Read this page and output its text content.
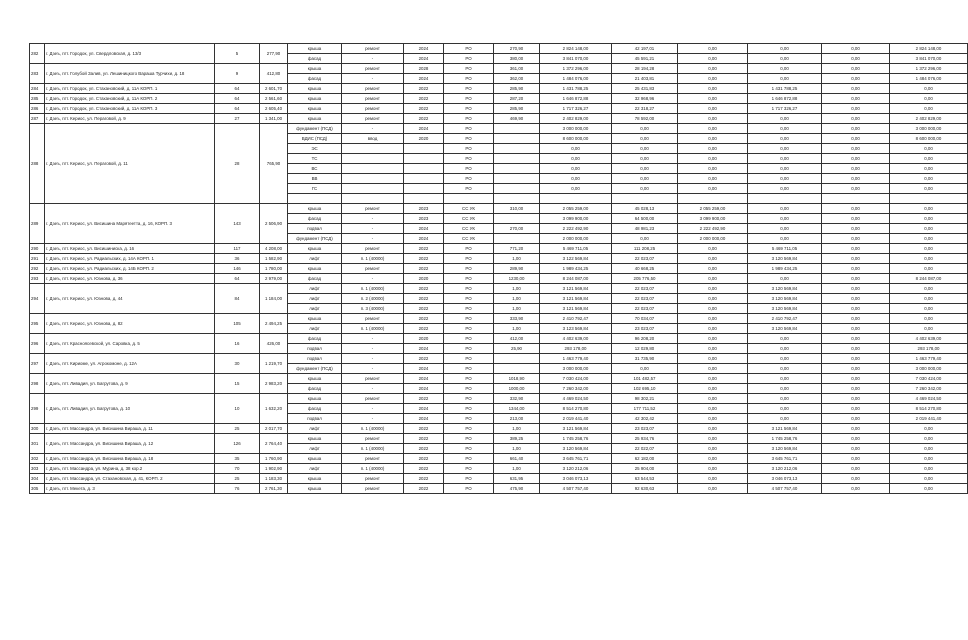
282	г. Дзеъ, пгт. Городок, ул. Свердловская, д. 13/3	5	277,90	крыша	ремонт	2024	РО	270,90	2 824 148,00	42 197,01	0,00	0,00	0,00	2 824 148,00
				фасад	-	2024	РО	380,00	3 841 070,00	45 591,21	0,00	0,00	0,00	3 841 070,00
283	г. Дзеъ, пгт. Голубой Залив, ул. Лешиницкого Вараша Турчихи, д. 18	9	412,80	крыша	ремонт	2028	РО	361,00	1 372 296,00	28 194,28	0,00	0,00	0,00	1 372 296,00
				фасад	-	2024	РО	362,00	1 484 076,00	21 403,81	0,00	0,00	0,00	1 484 076,00
284	г. Дзеъ, пгт. Городок, ул. Стахановский, д. 11А КОРП. 1	64	2 601,70	крыша	ремонт	2022	РО	285,90	1 431 788,25	25 431,83	0,00	1 431 788,25	0,00	0,00
285	г. Дзеъ, пгт. Городок, ул. Стахановский, д. 11А КОРП. 2	64	2 561,60	крыша	ремонт	2022	РО	287,20	1 646 872,88	32 968,96	0,00	1 646 872,88	0,00	0,00
286	г. Дзеъ, пгт. Городок, ул. Стахановский, д. 11А КОРП. 3	64	2 605,40	крыша	ремонт	2022	РО	285,90	1 717 326,27	22 318,27	0,00	1 717 326,27	0,00	0,00
287	г. Дзеъ, пгт. Кериос, ул. Пераговой, д. 9	27	1 341,00	крыша	ремонт	2022	РО	469,90	2 402 829,00	78 592,00	0,00	0,00	0,00	2 402 829,00
288	г. Дзеъ, пгт. Кериос, ул. Пераговой, д. 11	28	765,90	фундамент (ПСД)	-	2024	РО		3 000 000,00	0,00	0,00	0,00	0,00	3 000 000,00
				ВДИС (ПСД)	ввод	2020	РО		8 600 000,00	0,00	0,00	0,00	0,00	8 600 000,00
				ЭС			РО		0,00	0,00	0,00	0,00	0,00	0,00
				ТС			РО		0,00	0,00	0,00	0,00	0,00	0,00
				ВС			РО		0,00	0,00	0,00	0,00	0,00	0,00
				ВВ			РО		0,00	0,00	0,00	0,00	0,00	0,00
				ГС			РО		0,00	0,00	0,00	0,00	0,00	0,00

289	г. Дзеъ, пгт. Кериос, ул. Висишина Марятеетта, д. 16, КОРП. 3	143	2 506,90	крыша	ремонт	2023	СС УК	310,00	2 055 259,00	45 028,13	2 055 259,00	0,00	0,00	0,00
				фасад	-	2023	СС УК		3 099 900,00	64 500,00	3 099 900,00	0,00	0,00	0,00
				подвал	-	2024	СС УК	270,00	2 222 492,90	48 981,23	2 222 492,90	0,00	0,00	0,00
				фундамент (ПСД)	-	2024	СС УК		2 000 000,00	0,00	2 000 000,00	0,00	0,00	0,00
290	г. Дзеъ, пгт. Кериос, ул. Висишиниска, д. 16	117	4 208,00	крыша	ремонт	2022	РО	771,20	5 469 711,05	111 208,25	0,00	5 469 711,05	0,00	0,00
291	г. Дзеъ, пгт. Кериос, ул. Радиальских, д. 14А КОРП. 1	36	1 582,90	лифт	п. 1 (40000)	2022	РО	1,00	3 122 569,84	22 023,07	0,00	3 120 569,84	0,00	0,00
292	г. Дзеъ, пгт. Кериос, ул. Радиальских, д. 14Б КОРП. 2	146	1 780,00	крыша	ремонт	2022	РО	289,90	1 989 434,25	40 668,25	0,00	1 989 434,25	0,00	0,00
293	г. Дзеъ, пгт. Кериос, ул. Юзнова, д. 36	64	2 979,00	фасад	-	2020	РО	1230,00	8 244 087,00	205 776,50	0,00	0,00	0,00	8 244 087,00
294	г. Дзеъ, пгт. Кериос, ул. Юзнова, д. 44	84	1 184,00	лифт	п. 1 (40000)	2022	РО	1,00	3 121 569,84	22 023,07	0,00	3 120 569,84	0,00	0,00
				лифт	п. 2 (40000)	2022	РО	1,00	3 121 569,84	22 023,07	0,00	3 120 569,84	0,00	0,00
				лифт	п. 3 (40000)	2022	РО	1,00	3 121 569,84	22 023,07	0,00	3 120 569,84	0,00	0,00
295	г. Дзеъ, пгт. Кериос, ул. Юзнова, д. 82	105	2 494,25	крыша	ремонт	2022	РО	333,90	2 410 792,47	70 034,07	0,00	2 410 792,47	0,00	0,00
				лифт	п. 1 (40000)	2022	РО	1,00	3 123 569,84	23 023,07	0,00	3 120 569,84	0,00	0,00
296	г. Дзеъ, пгт. Красноясевской, ул. Саровка, д. 5	16	426,00	фасад	-	2020	РО	412,00	4 402 639,00	96 208,20	0,00	0,00	0,00	4 402 639,00
				подвал	-	2024	РО	25,90	293 178,00	12 029,80	0,00	0,00	0,00	293 178,00
297	г. Дзеъ, пгт. Кириоме, ул. Агрокомоне, д. 12А	30	1 219,70	подвал	-	2022	РО		1 463 779,40	31 735,90	0,00	0,00	0,00	1 463 779,40
				фундамент (ПСД)	-	2024	РО		3 000 000,00	0,00	0,00	0,00	0,00	3 000 000,00
298	г. Дзеъ, пгт. Ливадия, ул. Багрутова, д. 9	15	2 983,20	крыша	ремонт	2024	РО	1018,90	7 030 424,00	101 482,57	0,00	0,00	0,00	7 030 424,00
				фасад	-	2024	РО	1000,00	7 260 342,00	102 695,10	0,00	0,00	0,00	7 260 342,00
299	г. Дзеъ, пгт. Ливадия, ул. Багрутова, д. 10	10	1 632,20	крыша	ремонт	2022	РО	332,90	4 469 024,50	98 302,21	0,00	0,00	0,00	4 469 024,50
				фасад	-	2024	РО	1344,00	8 514 270,80	177 711,52	0,00	0,00	0,00	8 514 270,80
				подвал	-	2024	РО	213,00	2 019 441,40	42 302,42	0,00	0,00	0,00	2 019 441,40
300	г. Дзеъ, пгт. Массандра, ул. Висишина Вираша, д. 11	25	2 017,70	лифт	п. 1 (40000)	2022	РО	1,00	3 121 569,84	23 023,07	0,00	3 121 569,84	0,00	0,00
301	г. Дзеъ, пгт. Массандра, ул. Висишина Вираша, д. 12	126	2 764,40	крыша	ремонт	2022	РО	389,25	1 745 258,76	25 934,76	0,00	1 745 258,76	0,00	0,00
				лифт	п. 1 (40000)	2022	РО	1,00	3 120 569,84	22 022,07	0,00	3 120 569,84	0,00	0,00
302	г. Дзеъ, пгт. Массандра, ул. Висишина Вираша, д. 18	35	1 760,90	крыша	ремонт	2022	РО	661,40	3 645 761,71	62 182,00	0,00	3 645 761,71	0,00	0,00
303	г. Дзеъ, пгт. Массандра, ул. Мурина, д. 38 кор.2	70	1 902,90	лифт	п. 1 (40000)	2022	РО	1,00	3 120 212,06	25 904,00	0,00	3 120 212,06	0,00	0,00
304	г. Дзеъ, пгт. Массандра, ул. Стахановская, д. 41, КОРП. 2	25	1 183,30	крыша	ремонт	2022	РО	631,95	3 046 073,13	63 544,53	0,00	3 046 073,13	0,00	0,00
305	г. Дзеъ, пгт. Мекета, д. 3	76	2 761,30	крыша	ремонт	2022	РО	475,90	4 507 757,40	92 630,63	0,00	4 507 757,40	0,00	0,00
